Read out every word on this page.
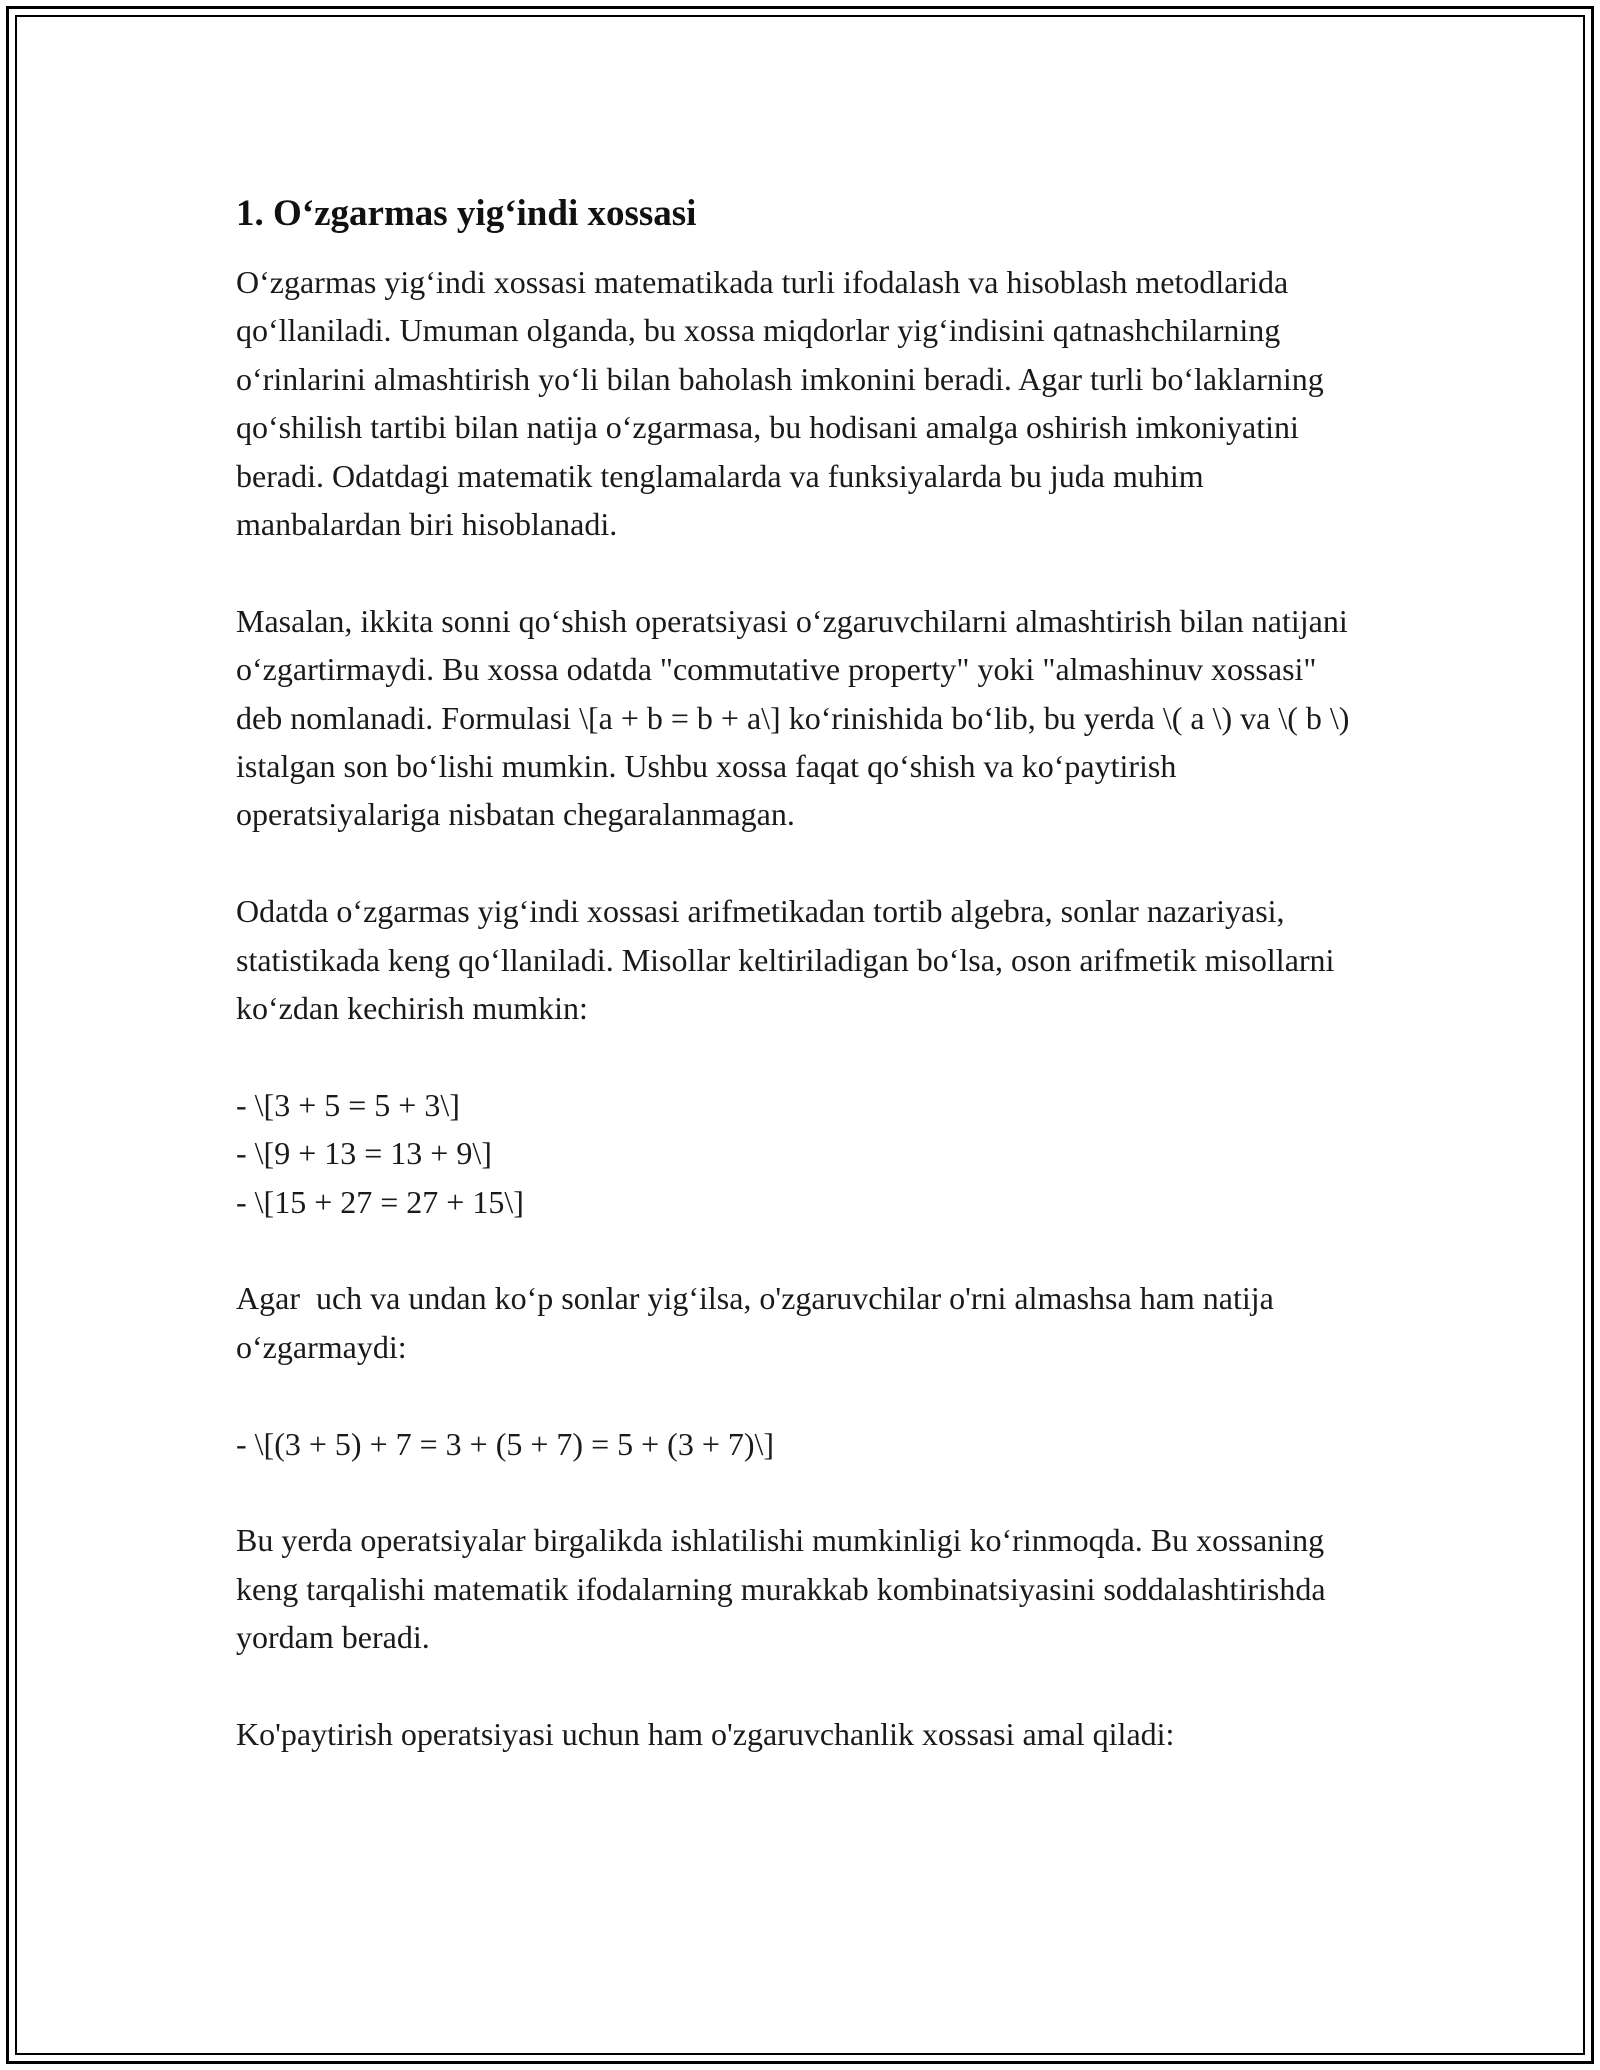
1. O‘zgarmas yig‘indi xossasi

O‘zgarmas yig‘indi xossasi matematikada turli ifodalash va hisoblash metodlarida qo‘llaniladi. Umuman olganda, bu xossa miqdorlar yig‘indisini qatnashchilarning o‘rinlarini almashtirish yo‘li bilan baholash imkonini beradi. Agar turli bo‘laklarning qo‘shilish tartibi bilan natija o‘zgarmasa, bu hodisani amalga oshirish imkoniyatini beradi. Odatdagi matematik tenglamalarda va funksiyalarda bu juda muhim manbalardan biri hisoblanadi.

Masalan, ikkita sonni qo‘shish operatsiyasi o‘zgaruvchilarni almashtirish bilan natijani o‘zgartirmaydi. Bu xossa odatda "commutative property" yoki "almashinuv xossasi" deb nomlanadi. Formulasi \[a + b = b + a\] ko‘rinishida bo‘lib, bu yerda \( a \) va \( b \) istalgan son bo‘lishi mumkin. Ushbu xossa faqat qo‘shish va ko‘paytirish operatsiyalariga nisbatan chegaralanmagan.

Odatda o‘zgarmas yig‘indi xossasi arifmetikadan tortib algebra, sonlar nazariyasi, statistikada keng qo‘llaniladi. Misollar keltiriladigan bo‘lsa, oson arifmetik misollarni ko‘zdan kechirish mumkin:

- \[3 + 5 = 5 + 3\]
- \[9 + 13 = 13 + 9\]
- \[15 + 27 = 27 + 15\]

Agar  uch va undan ko‘p sonlar yig‘ilsa, o'zgaruvchilar o'rni almashsa ham natija o‘zgarmaydi:

- \[(3 + 5) + 7 = 3 + (5 + 7) = 5 + (3 + 7)\]

Bu yerda operatsiyalar birgalikda ishlatilishi mumkinligi ko‘rinmoqda. Bu xossaning keng tarqalishi matematik ifodalarning murakkab kombinatsiyasini soddalashtirishda yordam beradi.

Ko'paytirish operatsiyasi uchun ham o'zgaruvchanlik xossasi amal qiladi:
